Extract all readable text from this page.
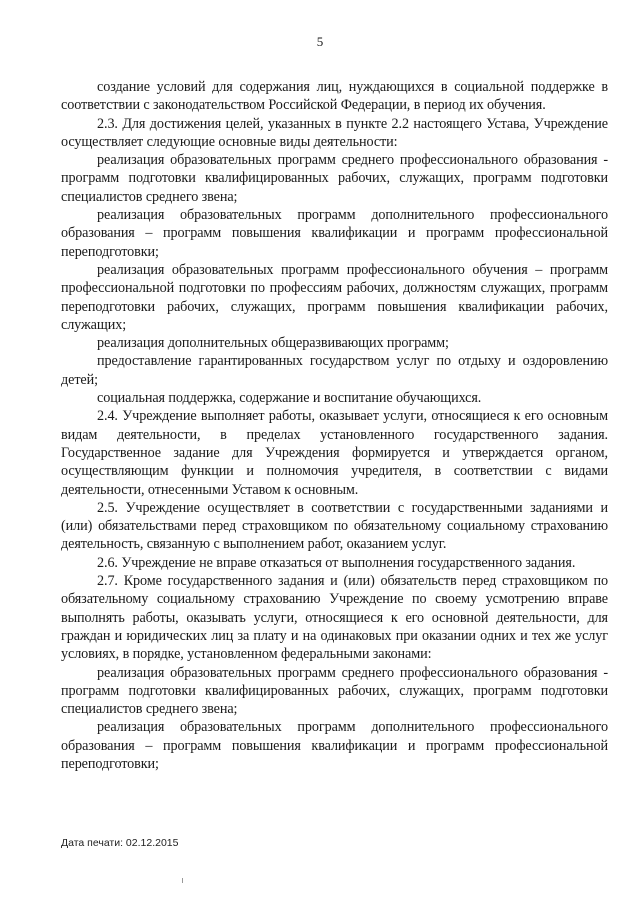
5

создание условий для содержания лиц, нуждающихся в социальной поддержке в соответствии с законодательством Российской Федерации, в период их обучения.

2.3. Для достижения целей, указанных в пункте 2.2 настоящего Устава, Учреждение осуществляет следующие основные виды деятельности:

реализация образовательных программ среднего профессионального образования - программ подготовки квалифицированных рабочих, служащих, программ подготовки специалистов среднего звена;

реализация образовательных программ дополнительного профессионального образования – программ повышения квалификации и программ профессиональной переподготовки;

реализация образовательных программ профессионального обучения – программ профессиональной подготовки по профессиям рабочих, должностям служащих, программ переподготовки рабочих, служащих, программ повышения квалификации рабочих, служащих;

реализация дополнительных общеразвивающих программ;

предоставление гарантированных государством услуг по отдыху и оздоровлению детей;

социальная поддержка, содержание и воспитание обучающихся.

2.4. Учреждение выполняет работы, оказывает услуги, относящиеся к его основным видам деятельности, в пределах установленного государственного задания. Государственное задание для Учреждения формируется и утверждается органом, осуществляющим функции и полномочия учредителя, в соответствии с видами деятельности, отнесенными Уставом к основным.

2.5. Учреждение осуществляет в соответствии с государственными заданиями и (или) обязательствами перед страховщиком по обязательному социальному страхованию деятельность, связанную с выполнением работ, оказанием услуг.

2.6. Учреждение не вправе отказаться от выполнения государственного задания.

2.7. Кроме государственного задания и (или) обязательств перед страховщиком по обязательному социальному страхованию Учреждение по своему усмотрению вправе выполнять работы, оказывать услуги, относящиеся к его основной деятельности, для граждан и юридических лиц за плату и на одинаковых при оказании одних и тех же услуг условиях, в порядке, установленном федеральными законами:

реализация образовательных программ среднего профессионального образования - программ подготовки квалифицированных рабочих, служащих, программ подготовки специалистов среднего звена;

реализация образовательных программ дополнительного профессионального образования – программ повышения квалификации и программ профессиональной переподготовки;

Дата печати: 02.12.2015
